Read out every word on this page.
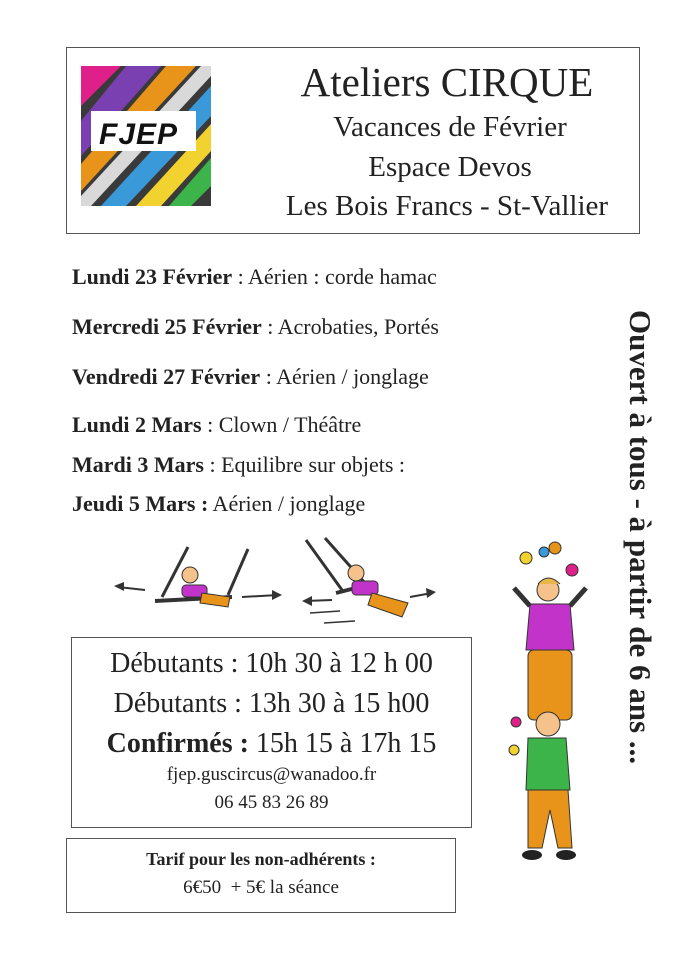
FJEP
Ateliers CIRQUE
Vacances de Février
Espace Devos
Les Bois Francs - St-Vallier
Lundi 23 Février : Aérien : corde hamac
Mercredi 25 Février : Acrobaties, Portés
Vendredi 27 Février : Aérien / jonglage
Lundi 2 Mars : Clown / Théâtre
Mardi 3 Mars : Equilibre sur objets :
Jeudi 5 Mars : Aérien / jonglage	Ouvert à tous - à partir de 6 ans ...
Débutants : 10h 30 à 12 h 00
Débutants : 13h 30 à 15 h00
Confirmés : 15h 15 à 17h 15
fjep.guscircus@wanadoo.fr
06 45 83 26 89
Tarif pour les non-adhérents :
6€50  + 5€ la séance
